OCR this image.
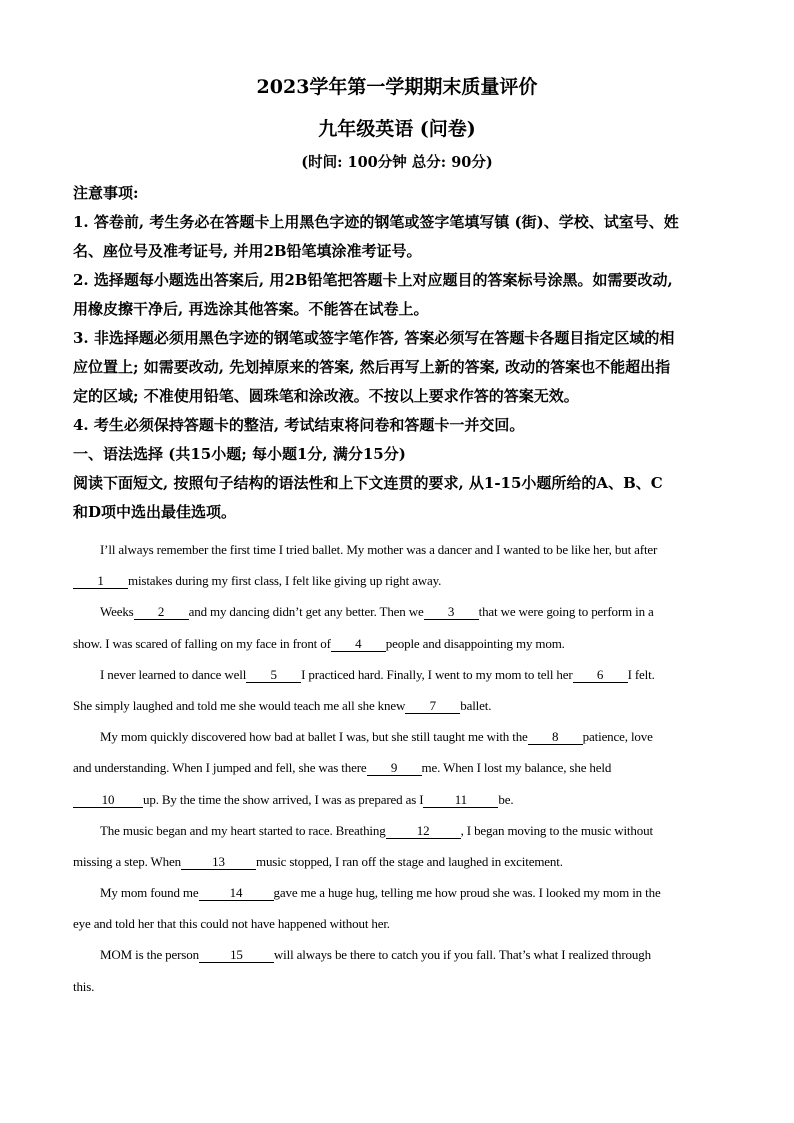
2023学年第一学期期末质量评价
九年级英语 (问卷)
(时间: 100分钟 总分: 90分)

注意事项:

1. 答卷前, 考生务必在答题卡上用黑色字迹的钢笔或签字笔填写镇 (街)、学校、试室号、姓

名、座位号及准考证号, 并用2B铅笔填涂准考证号。

2. 选择题每小题选出答案后, 用2B铅笔把答题卡上对应题目的答案标号涂黑。如需要改动,

用橡皮擦干净后, 再选涂其他答案。不能答在试卷上。

3. 非选择题必须用黑色字迹的钢笔或签字笔作答, 答案必须写在答题卡各题目指定区域的相

应位置上; 如需要改动, 先划掉原来的答案, 然后再写上新的答案, 改动的答案也不能超出指

定的区域; 不准使用铅笔、圆珠笔和涂改液。不按以上要求作答的答案无效。

4. 考生必须保持答题卡的整洁, 考试结束将问卷和答题卡一并交回。

一、语法选择 (共15小题; 每小题1分, 满分15分)

阅读下面短文, 按照句子结构的语法性和上下文连贯的要求, 从1-15小题所给的A、B、C

和D项中选出最佳选项。

I’ll always remember the first time I tried ballet. My mother was a dancer and I wanted to be like her, but after
1 mistakes during my first class, I felt like giving up right away.
Weeks 2 and my dancing didn’t get any better. Then we 3 that we were going to perform in a
show. I was scared of falling on my face in front of 4 people and disappointing my mom.
I never learned to dance well 5 I practiced hard. Finally, I went to my mom to tell her 6 I felt.
She simply laughed and told me she would teach me all she knew 7 ballet.
My mom quickly discovered how bad at ballet I was, but she still taught me with the 8 patience, love
and understanding. When I jumped and fell, she was there 9 me. When I lost my balance, she held
10 up. By the time the show arrived, I was as prepared as I 11 be.
The music began and my heart started to race. Breathing 12 , I began moving to the music without
missing a step. When 13 music stopped, I ran off the stage and laughed in excitement.
My mom found me 14 gave me a huge hug, telling me how proud she was. I looked my mom in the
eye and told her that this could not have happened without her.
MOM is the person 15 will always be there to catch you if you fall. That’s what I realized through
this.
